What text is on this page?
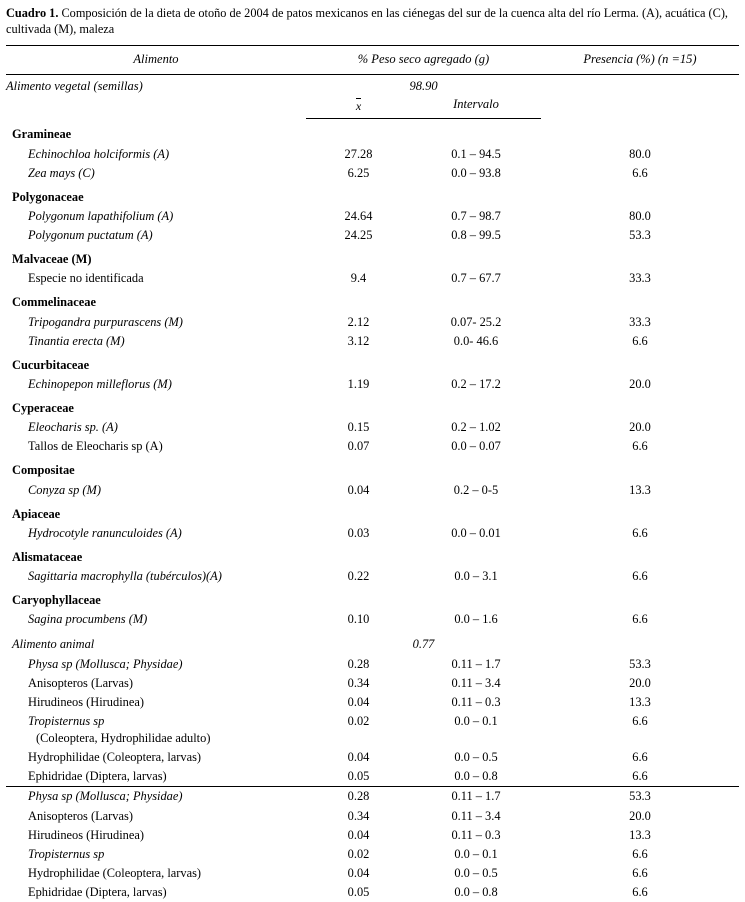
Cuadro 1. Composición de la dieta de otoño de 2004 de patos mexicanos en las ciénegas del sur de la cuenca alta del río Lerma. (A), acuática (C), cultivada (M), maleza

Alimento	% Peso seco agregado (g)		Presencia (%) (n =15)

Alimento vegetal (semillas)	98.90		

x	Intervalo	

Gramineae			
Echinochloa holciformis (A)	27.28	0.1 – 94.5	80.0
Zea mays (C)	6.25	0.0 – 93.8	6.6
Polygonaceae			
Polygonum lapathifolium (A)	24.64	0.7 – 98.7	80.0
Polygonum puctatum (A)	24.25	0.8 – 99.5	53.3
Malvaceae (M)			
Especie no identificada	9.4	0.7 – 67.7	33.3
Commelinaceae			
Tripogandra purpurascens (M)	2.12	0.07- 25.2	33.3
Tinantia erecta (M)	3.12	0.0- 46.6	6.6
Cucurbitaceae			
Echinopepon milleflorus (M)	1.19	0.2 – 17.2	20.0
Cyperaceae			
Eleocharis sp. (A)	0.15	0.2 – 1.02	20.0
Tallos de Eleocharis sp (A)	0.07	0.0 – 0.07	6.6
Compositae			
Conyza sp (M)	0.04	0.2 – 0-5	13.3
Apiaceae			
Hydrocotyle ranunculoides (A)	0.03	0.0 – 0.01	6.6
Alismataceae			
Sagittaria macrophylla (tubérculos)(A)	0.22	0.0 – 3.1	6.6
Caryophyllaceae			
Sagina procumbens (M)	0.10	0.0 – 1.6	6.6
Alimento animal	0.77		
Physa sp (Mollusca; Physidae)	0.28	0.11 – 1.7	53.3
Anisopteros (Larvas)	0.34	0.11 – 3.4	20.0
Hirudineos (Hirudinea)	0.04	0.11 – 0.3	13.3
Tropisternus sp	0.02	0.0 – 0.1	6.6
(Coleoptera, Hydrophilidae adulto)			
Hydrophilidae (Coleoptera, larvas)	0.04	0.0 – 0.5	6.6
Ephidridae (Diptera, larvas)	0.05	0.0 – 0.8	6.6

Physa sp (Mollusca; Physidae)	0.28	0.11 – 1.7	53.3
Anisopteros (Larvas)	0.34	0.11 – 3.4	20.0
Hirudineos (Hirudinea)	0.04	0.11 – 0.3	13.3
Tropisternus sp	0.02	0.0 – 0.1	6.6
Hydrophilidae (Coleoptera, larvas)	0.04	0.0 – 0.5	6.6
Ephidridae (Diptera, larvas)	0.05	0.0 – 0.8	6.6
